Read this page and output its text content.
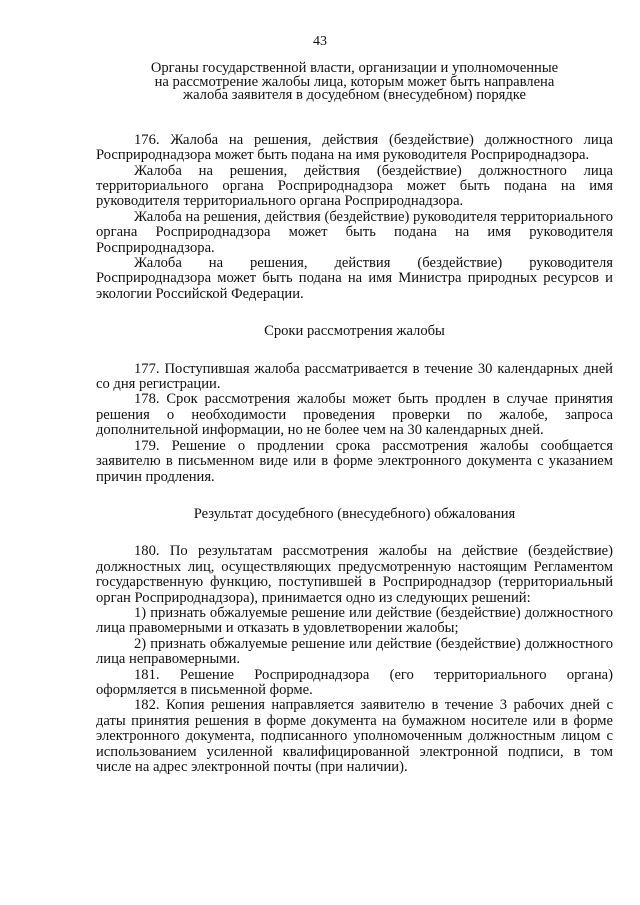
43
Органы государственной власти, организации и уполномоченные
на рассмотрение жалобы лица, которым может быть направлена
жалоба заявителя в досудебном (внесудебном) порядке

176. Жалоба на решения, действия (бездействие) должностного лица Росприроднадзора может быть подана на имя руководителя Росприроднадзора.

Жалоба на решения, действия (бездействие) должностного лица территориального органа Росприроднадзора может быть подана на имя руководителя территориального органа Росприроднадзора.

Жалоба на решения, действия (бездействие) руководителя территориального органа Росприроднадзора может быть подана на имя руководителя Росприроднадзора.

Жалоба на решения, действия (бездействие) руководителя Росприроднадзора может быть подана на имя Министра природных ресурсов и экологии Российской Федерации.

Сроки рассмотрения жалобы

177. Поступившая жалоба рассматривается в течение 30 календарных дней со дня регистрации.

178. Срок рассмотрения жалобы может быть продлен в случае принятия решения о необходимости проведения проверки по жалобе, запроса дополнительной информации, но не более чем на 30 календарных дней.

179. Решение о продлении срока рассмотрения жалобы сообщается заявителю в письменном виде или в форме электронного документа с указанием причин продления.

Результат досудебного (внесудебного) обжалования

180. По результатам рассмотрения жалобы на действие (бездействие) должностных лиц, осуществляющих предусмотренную настоящим Регламентом государственную функцию, поступившей в Росприроднадзор (территориальный орган Росприроднадзора), принимается одно из следующих решений:

1) признать обжалуемые решение или действие (бездействие) должностного лица правомерными и отказать в удовлетворении жалобы;

2) признать обжалуемые решение или действие (бездействие) должностного лица неправомерными.

181. Решение Росприроднадзора (его территориального органа) оформляется в письменной форме.

182. Копия решения направляется заявителю в течение 3 рабочих дней с даты принятия решения в форме документа на бумажном носителе или в форме электронного документа, подписанного уполномоченным должностным лицом с использованием усиленной квалифицированной электронной подписи, в том числе на адрес электронной почты (при наличии).
